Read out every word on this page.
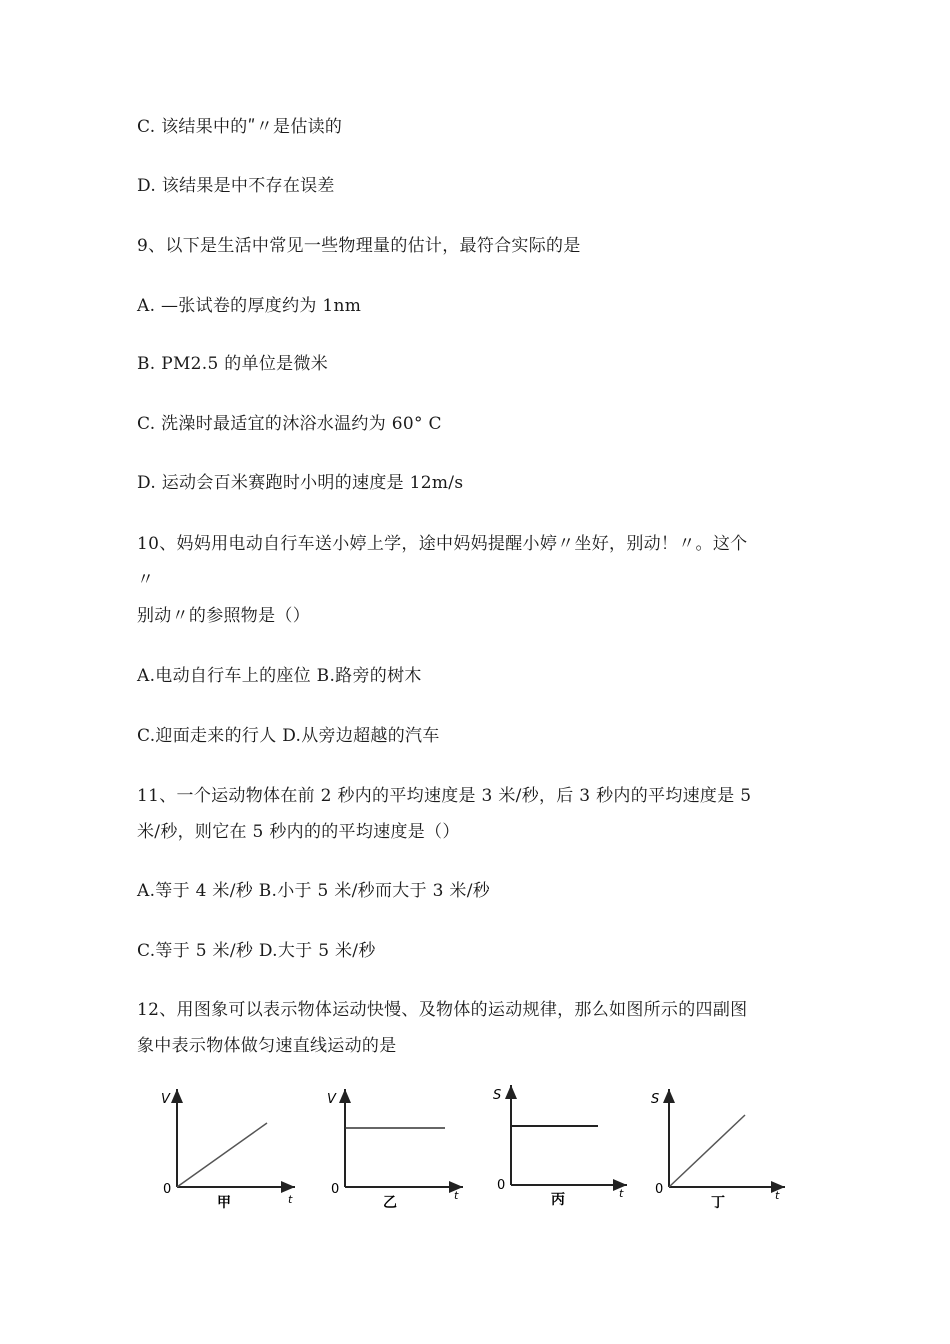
C. 该结果中的ʺ〃是估读的
D. 该结果是中不存在误差
9、以下是生活中常见一些物理量的估计，最符合实际的是
A. —张试卷的厚度约为 1nm
B. PM2.5 的单位是微米
C. 洗澡时最适宜的沐浴水温约为 60° C
D. 运动会百米赛跑时小明的速度是 12m/s
10、妈妈用电动自行车送小婷上学，途中妈妈提醒小婷〃坐好，别动！〃。这个
〃
别动〃的参照物是（）
A.电动自行车上的座位 B.路旁的树木
C.迎面走来的行人 D.从旁边超越的汽车
11、一个运动物体在前 2 秒内的平均速度是 3 米/秒，后 3 秒内的平均速度是 5
米/秒，则它在 5 秒内的的平均速度是（）
A.等于 4 米/秒 B.小于 5 米/秒而大于 3 米/秒
C.等于 5 米/秒 D.大于 5 米/秒
12、用图象可以表示物体运动快慢、及物体的运动规律，那么如图所示的四副图
象中表示物体做匀速直线运动的是
V
0
t
甲
V
0	t
乙
S
0
t
丙
S
0	t
丁
